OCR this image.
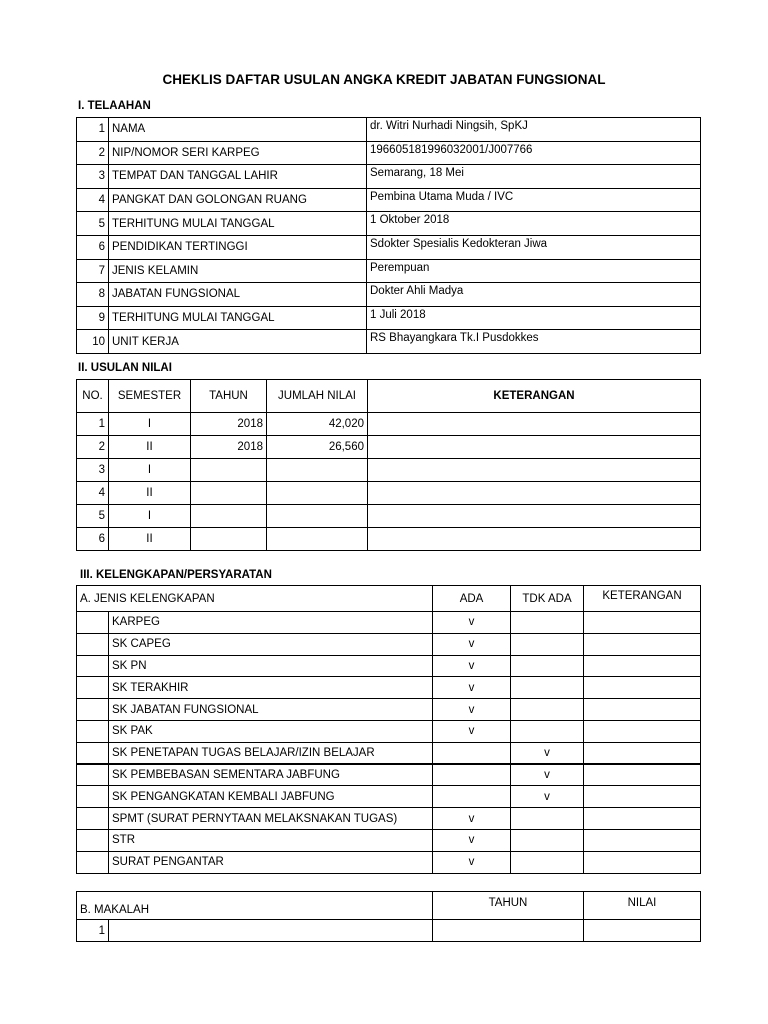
CHEKLIS DAFTAR USULAN ANGKA KREDIT JABATAN FUNGSIONAL
I. TELAAHAN
1	NAMA	dr. Witri Nurhadi Ningsih, SpKJ
2	NIP/NOMOR SERI KARPEG	196605181996032001/J007766
3	TEMPAT DAN TANGGAL LAHIR	Semarang, 18 Mei
4	PANGKAT DAN GOLONGAN RUANG	Pembina Utama Muda / IVC
5	TERHITUNG MULAI TANGGAL	1 Oktober 2018
6	PENDIDIKAN TERTINGGI	Sdokter Spesialis Kedokteran Jiwa
7	JENIS KELAMIN	Perempuan
8	JABATAN FUNGSIONAL	Dokter Ahli Madya
9	TERHITUNG MULAI TANGGAL	1 Juli 2018
10	UNIT KERJA	RS Bhayangkara Tk.I Pusdokkes
II. USULAN NILAI
NO.	SEMESTER	TAHUN	JUMLAH NILAI	KETERANGAN
1	I	2018	42,020	
2	II	2018	26,560	
3	I			
4	II			
5	I			
6	II			
III. KELENGKAPAN/PERSYARATAN
A. JENIS KELENGKAPAN		ADA	TDK ADA	KETERANGAN
	KARPEG	v		
	SK CAPEG	v		
	SK PN	v		
	SK TERAKHIR	v		
	SK JABATAN FUNGSIONAL	v		
	SK PAK	v		
	SK PENETAPAN TUGAS BELAJAR/IZIN BELAJAR		v	
	SK PEMBEBASAN SEMENTARA JABFUNG		v	
	SK PENGANGKATAN KEMBALI JABFUNG		v	
	SPMT (SURAT PERNYTAAN MELAKSNAKAN TUGAS)	v		
	STR	v		
	SURAT PENGANTAR	v		
B. MAKALAH		TAHUN	NILAI
1			
